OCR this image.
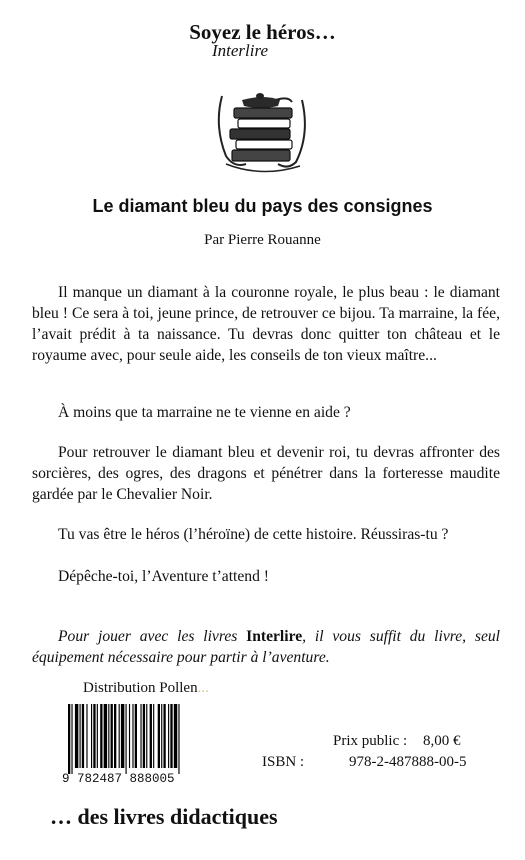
Soyez le héros…
Interlire
Le diamant bleu du pays des consignes
Par Pierre Rouanne

Il manque un diamant à la couronne royale, le plus beau : le diamant bleu ! Ce sera à toi, jeune prince, de retrouver ce bijou. Ta marraine, la fée, l’avait prédit à ta naissance. Tu devras donc quitter ton château et le royaume avec, pour seule aide, les conseils de ton vieux maître...

À moins que ta marraine ne te vienne en aide ?

Pour retrouver le diamant bleu et devenir roi, tu devras affronter des sorcières, des ogres, des dragons et pénétrer dans la forteresse maudite gardée par le Chevalier Noir.

Tu vas être le héros (l’héroïne) de cette histoire. Réussiras-tu ?

Dépêche-toi, l’Aventure t’attend !

Pour jouer avec les livres Interlire, il vous suffit du livre, seul équipement nécessaire pour partir à l’aventure.

Distribution Pollen...
9 782487 888005
Prix public : 8,00 €
ISBN :	978-2-487888-00-5
… des livres didactiques
